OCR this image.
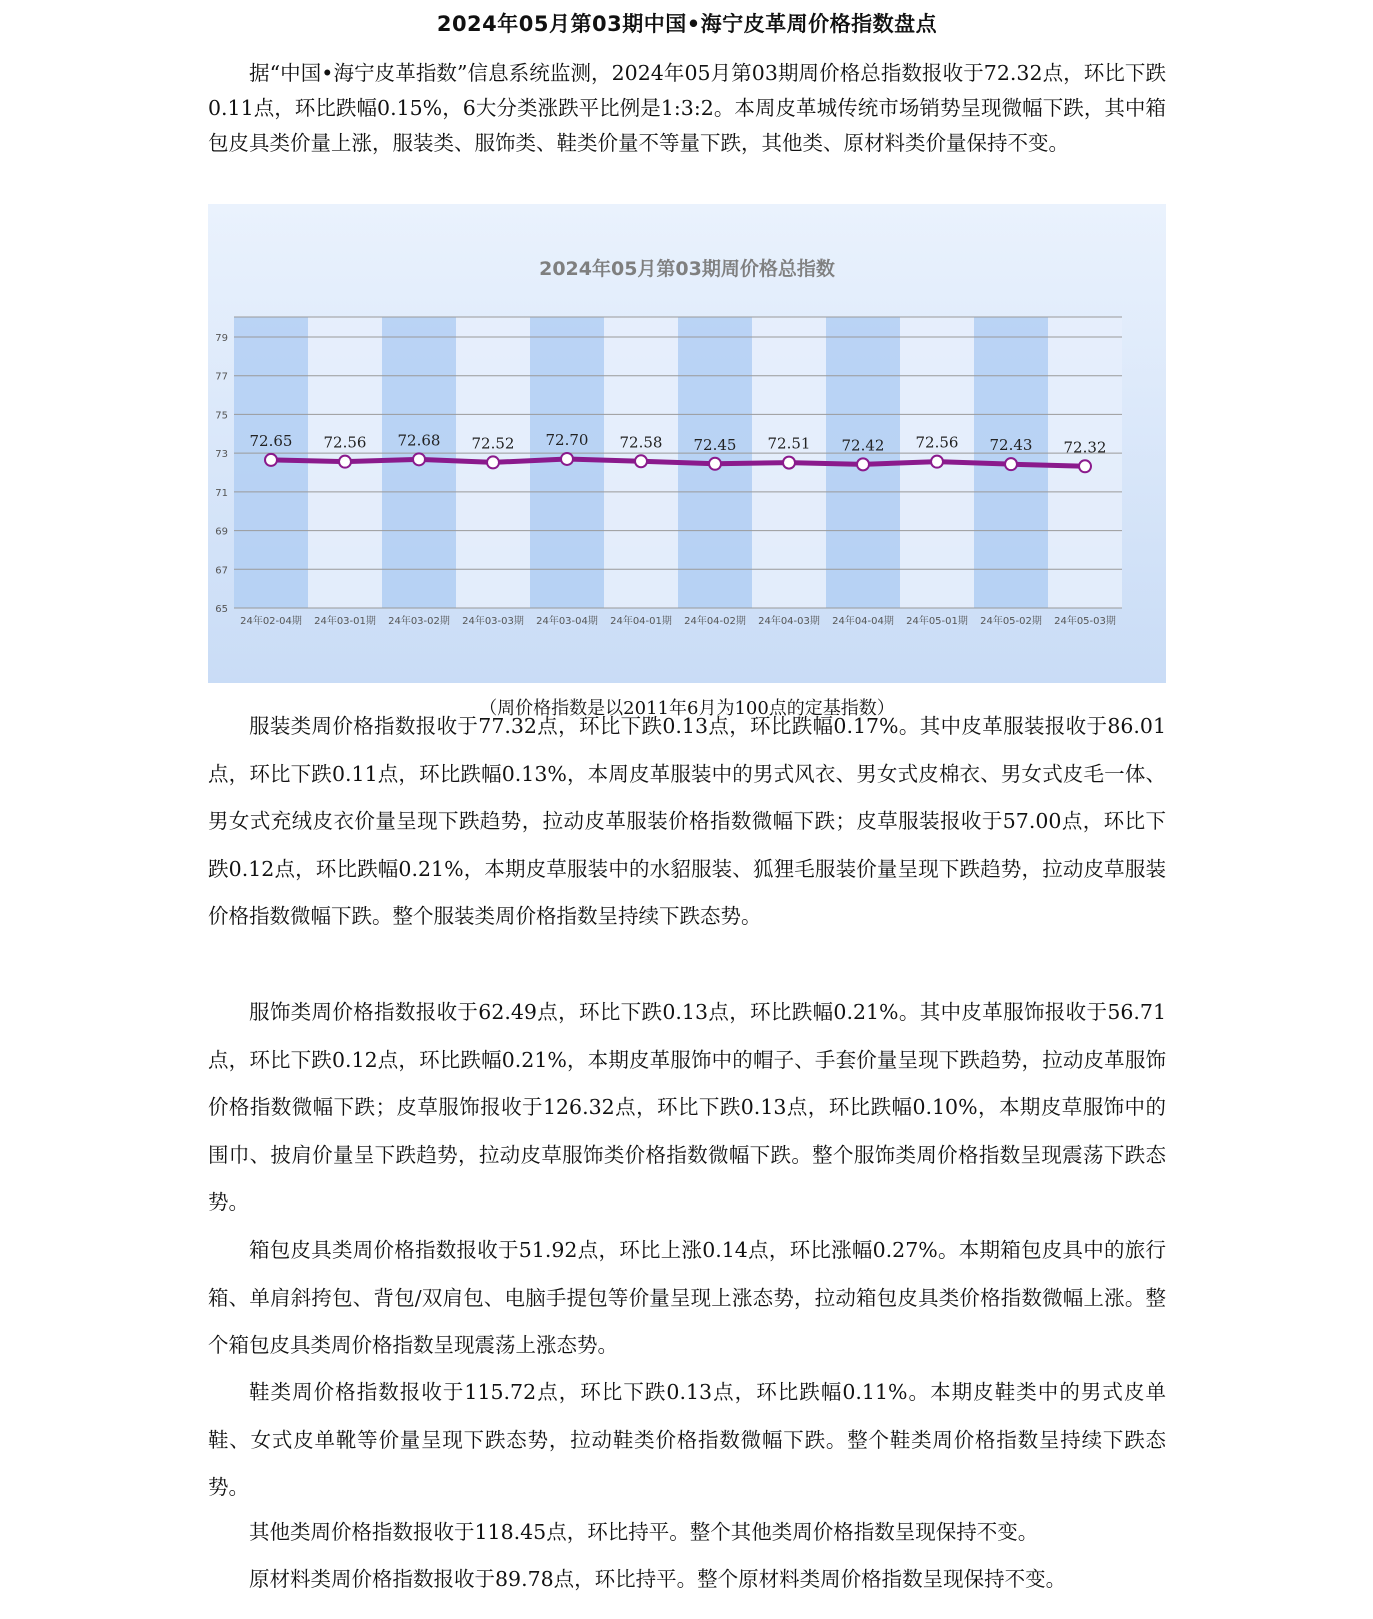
2024年05月第03期中国•海宁皮革周价格指数盘点

据“中国•海宁皮革指数”信息系统监测，2024年05月第03期周价格总指数报收于72.32点，环比下跌0.11点，环比跌幅0.15%，6大分类涨跌平比例是1:3:2。本周皮革城传统市场销势呈现微幅下跌，其中箱包皮具类价量上涨，服装类、服饰类、鞋类价量不等量下跌，其他类、原材料类价量保持不变。

65
67
69
71
73
75
77
79
24年02-04期 24年03-01期 24年03-02期 24年03-03期 24年03-04期 24年04-01期 24年04-02期 24年04-03期 24年04-04期 24年05-01期 24年05-02期 24年05-03期
72.65 72.56 72.68 72.52 72.70 72.58 72.45 72.51 72.42 72.56 72.43 72.32
2024年05月第03期周价格总指数
（周价格指数是以2011年6月为100点的定基指数）

服装类周价格指数报收于77.32点，环比下跌0.13点，环比跌幅0.17%。其中皮革服装报收于86.01点，环比下跌0.11点，环比跌幅0.13%，本周皮革服装中的男式风衣、男女式皮棉衣、男女式皮毛一体、男女式充绒皮衣价量呈现下跌趋势，拉动皮革服装价格指数微幅下跌；皮草服装报收于57.00点，环比下跌0.12点，环比跌幅0.21%，本期皮草服装中的水貂服装、狐狸毛服装价量呈现下跌趋势，拉动皮草服装价格指数微幅下跌。整个服装类周价格指数呈持续下跌态势。

服饰类周价格指数报收于62.49点，环比下跌0.13点，环比跌幅0.21%。其中皮革服饰报收于56.71点，环比下跌0.12点，环比跌幅0.21%，本期皮革服饰中的帽子、手套价量呈现下跌趋势，拉动皮革服饰价格指数微幅下跌；皮草服饰报收于126.32点，环比下跌0.13点，环比跌幅0.10%，本期皮草服饰中的围巾、披肩价量呈下跌趋势，拉动皮草服饰类价格指数微幅下跌。整个服饰类周价格指数呈现震荡下跌态势。

箱包皮具类周价格指数报收于51.92点，环比上涨0.14点，环比涨幅0.27%。本期箱包皮具中的旅行箱、单肩斜挎包、背包/双肩包、电脑手提包等价量呈现上涨态势，拉动箱包皮具类价格指数微幅上涨。整个箱包皮具类周价格指数呈现震荡上涨态势。

鞋类周价格指数报收于115.72点，环比下跌0.13点，环比跌幅0.11%。本期皮鞋类中的男式皮单鞋、女式皮单靴等价量呈现下跌态势，拉动鞋类价格指数微幅下跌。整个鞋类周价格指数呈持续下跌态势。

其他类周价格指数报收于118.45点，环比持平。整个其他类周价格指数呈现保持不变。

原材料类周价格指数报收于89.78点，环比持平。整个原材料类周价格指数呈现保持不变。
